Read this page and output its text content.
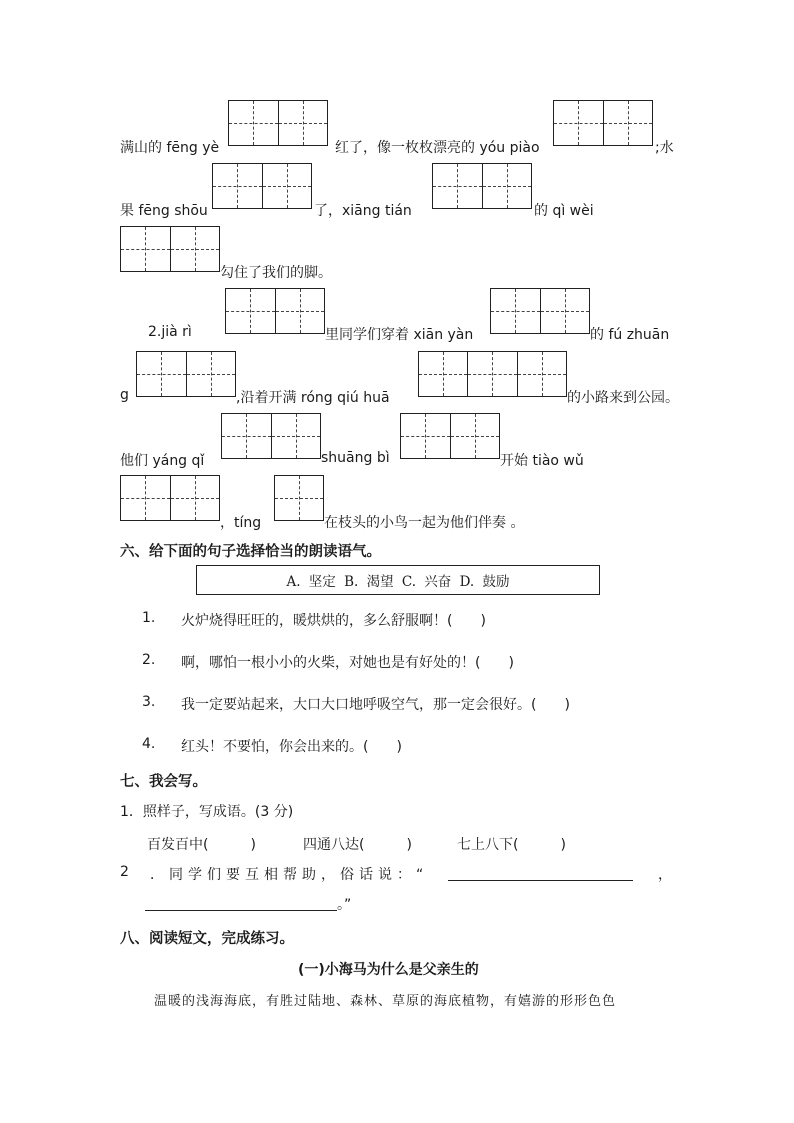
满山的 fēng yè	红了，像一枚枚漂亮的 yóu piào	;水
果 fēng shōu	了，xiāng tián	的 qì wèi
勾住了我们的脚。
2.jià rì	里同学们穿着 xiān yàn	的 fú zhuān
g	,沿着开满 róng qiú huā	的小路来到公园。
他们 yáng qǐ	shuāng bì	开始 tiào wǔ
，tíng	在枝头的小鸟一起为他们伴奏 。
六、给下面的句子选择恰当的朗读语气。
A. 坚定 B. 渴望 C. 兴奋 D. 鼓励
1. 火炉烧得旺旺的，暖烘烘的，多么舒服啊！(　　)
2. 啊，哪怕一根小小的火柴，对她也是有好处的！(　　)
3. 我一定要站起来，大口大口地呼吸空气，那一定会很好。(　　)
4. 红头！不要怕，你会出来的。(　　)
七、我会写。
1．照样子，写成语。(3 分)
百发百中(　　　)	四通八达(　　　)	七上八下(　　　)
2 ．同学们要互相帮助，俗话说：“	，
。”
八、阅读短文，完成练习。
(一)小海马为什么是父亲生的
温暖的浅海海底，有胜过陆地、森林、草原的海底植物，有嬉游的形形色色
